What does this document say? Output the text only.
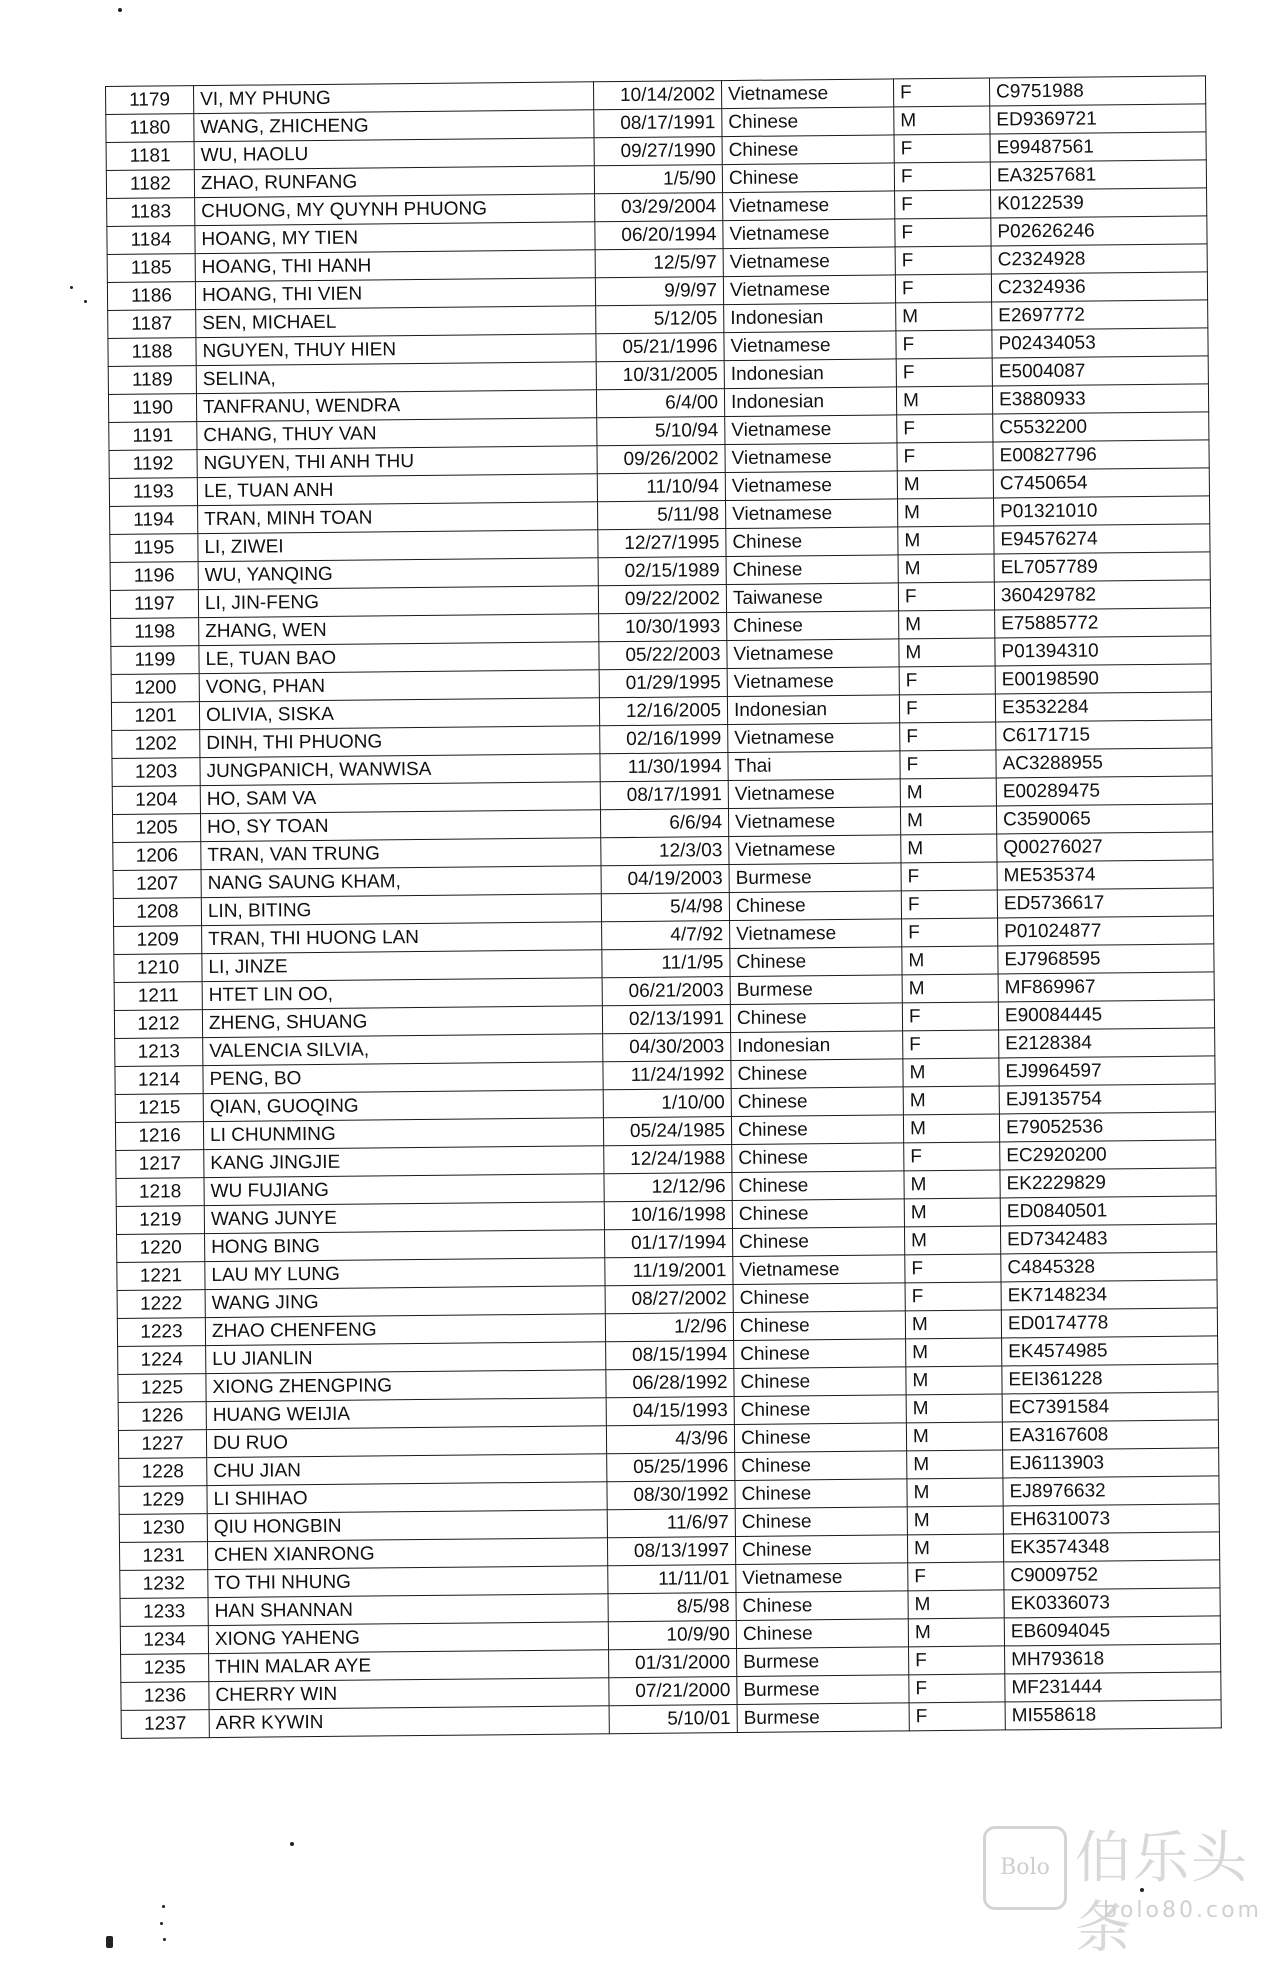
1179	VI, MY PHUNG	10/14/2002	Vietnamese	F	C9751988
1180	WANG, ZHICHENG	08/17/1991	Chinese	M	ED9369721
1181	WU, HAOLU	09/27/1990	Chinese	F	E99487561
1182	ZHAO, RUNFANG	1/5/90	Chinese	F	EA3257681
1183	CHUONG, MY QUYNH PHUONG	03/29/2004	Vietnamese	F	K0122539
1184	HOANG, MY TIEN	06/20/1994	Vietnamese	F	P02626246
1185	HOANG, THI HANH	12/5/97	Vietnamese	F	C2324928
1186	HOANG, THI VIEN	9/9/97	Vietnamese	F	C2324936
1187	SEN, MICHAEL	5/12/05	Indonesian	M	E2697772
1188	NGUYEN, THUY HIEN	05/21/1996	Vietnamese	F	P02434053
1189	SELINA,	10/31/2005	Indonesian	F	E5004087
1190	TANFRANU, WENDRA	6/4/00	Indonesian	M	E3880933
1191	CHANG, THUY VAN	5/10/94	Vietnamese	F	C5532200
1192	NGUYEN, THI ANH THU	09/26/2002	Vietnamese	F	E00827796
1193	LE, TUAN ANH	11/10/94	Vietnamese	M	C7450654
1194	TRAN, MINH TOAN	5/11/98	Vietnamese	M	P01321010
1195	LI, ZIWEI	12/27/1995	Chinese	M	E94576274
1196	WU, YANQING	02/15/1989	Chinese	M	EL7057789
1197	LI, JIN-FENG	09/22/2002	Taiwanese	F	360429782
1198	ZHANG, WEN	10/30/1993	Chinese	M	E75885772
1199	LE, TUAN BAO	05/22/2003	Vietnamese	M	P01394310
1200	VONG, PHAN	01/29/1995	Vietnamese	F	E00198590
1201	OLIVIA, SISKA	12/16/2005	Indonesian	F	E3532284
1202	DINH, THI PHUONG	02/16/1999	Vietnamese	F	C6171715
1203	JUNGPANICH, WANWISA	11/30/1994	Thai	F	AC3288955
1204	HO, SAM VA	08/17/1991	Vietnamese	M	E00289475
1205	HO, SY TOAN	6/6/94	Vietnamese	M	C3590065
1206	TRAN, VAN TRUNG	12/3/03	Vietnamese	M	Q00276027
1207	NANG SAUNG KHAM,	04/19/2003	Burmese	F	ME535374
1208	LIN, BITING	5/4/98	Chinese	F	ED5736617
1209	TRAN, THI HUONG LAN	4/7/92	Vietnamese	F	P01024877
1210	LI, JINZE	11/1/95	Chinese	M	EJ7968595
1211	HTET LIN OO,	06/21/2003	Burmese	M	MF869967
1212	ZHENG, SHUANG	02/13/1991	Chinese	F	E90084445
1213	VALENCIA SILVIA,	04/30/2003	Indonesian	F	E2128384
1214	PENG, BO	11/24/1992	Chinese	M	EJ9964597
1215	QIAN, GUOQING	1/10/00	Chinese	M	EJ9135754
1216	LI CHUNMING	05/24/1985	Chinese	M	E79052536
1217	KANG JINGJIE	12/24/1988	Chinese	F	EC2920200
1218	WU FUJIANG	12/12/96	Chinese	M	EK2229829
1219	WANG JUNYE	10/16/1998	Chinese	M	ED0840501
1220	HONG BING	01/17/1994	Chinese	M	ED7342483
1221	LAU MY LUNG	11/19/2001	Vietnamese	F	C4845328
1222	WANG JING	08/27/2002	Chinese	F	EK7148234
1223	ZHAO CHENFENG	1/2/96	Chinese	M	ED0174778
1224	LU JIANLIN	08/15/1994	Chinese	M	EK4574985
1225	XIONG ZHENGPING	06/28/1992	Chinese	M	EEI361228
1226	HUANG WEIJIA	04/15/1993	Chinese	M	EC7391584
1227	DU RUO	4/3/96	Chinese	M	EA3167608
1228	CHU JIAN	05/25/1996	Chinese	M	EJ6113903
1229	LI SHIHAO	08/30/1992	Chinese	M	EJ8976632
1230	QIU HONGBIN	11/6/97	Chinese	M	EH6310073
1231	CHEN XIANRONG	08/13/1997	Chinese	M	EK3574348
1232	TO THI NHUNG	11/11/01	Vietnamese	F	C9009752
1233	HAN SHANNAN	8/5/98	Chinese	M	EK0336073
1234	XIONG YAHENG	10/9/90	Chinese	M	EB6094045
1235	THIN MALAR AYE	01/31/2000	Burmese	F	MH793618
1236	CHERRY WIN	07/21/2000	Burmese	F	MF231444
1237	ARR KYWIN	5/10/01	Burmese	F	MI558618
Bolo 伯乐头条
bolo80.com
